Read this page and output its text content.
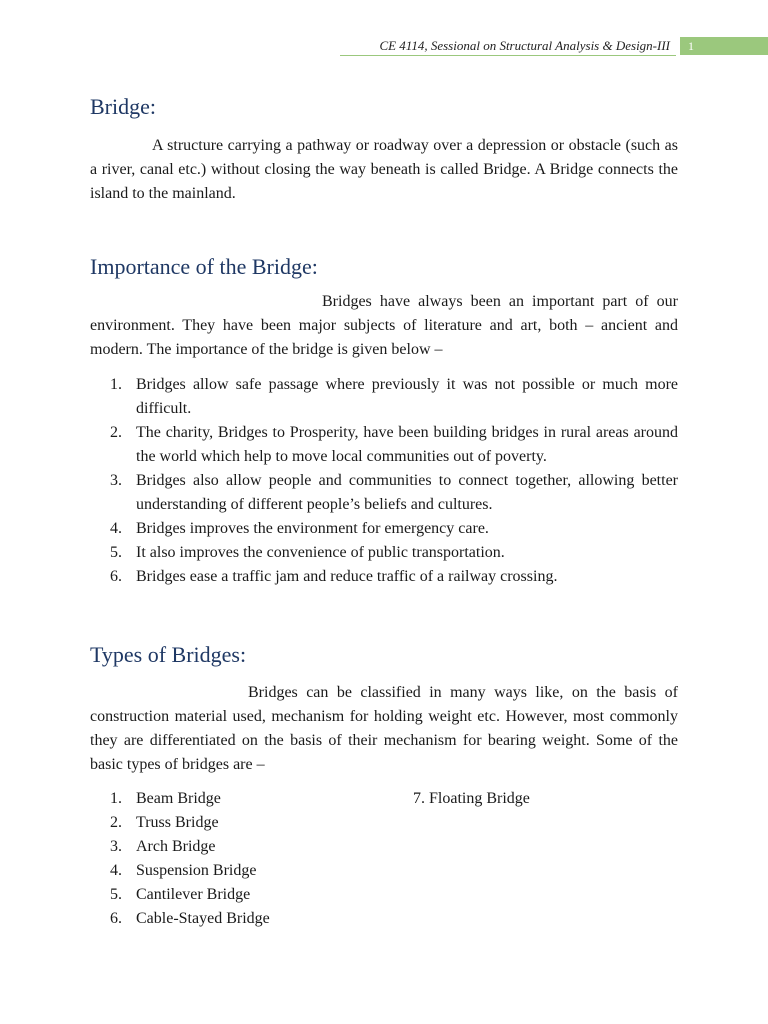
CE 4114, Sessional on Structural Analysis & Design-III	1
Bridge:

A structure carrying a pathway or roadway over a depression or obstacle (such as a river, canal etc.) without closing the way beneath is called Bridge. A Bridge connects the island to the mainland.

Importance of the Bridge:

Bridges have always been an important part of our environment. They have been major subjects of literature and art, both – ancient and modern. The importance of the bridge is given below –

1. Bridges allow safe passage where previously it was not possible or much more difficult.
2. The charity, Bridges to Prosperity, have been building bridges in rural areas around the world which help to move local communities out of poverty.
3. Bridges also allow people and communities to connect together, allowing better understanding of different people’s beliefs and cultures.
4. Bridges improves the environment for emergency care.
5. It also improves the convenience of public transportation.
6. Bridges ease a traffic jam and reduce traffic of a railway crossing.
Types of Bridges:

Bridges can be classified in many ways like, on the basis of construction material used, mechanism for holding weight etc. However, most commonly they are differentiated on the basis of their mechanism for bearing weight. Some of the basic types of bridges are –

1. Beam Bridge
2. Truss Bridge
3. Arch Bridge
4. Suspension Bridge
5. Cantilever Bridge
6. Cable-Stayed Bridge
7. Floating Bridge
